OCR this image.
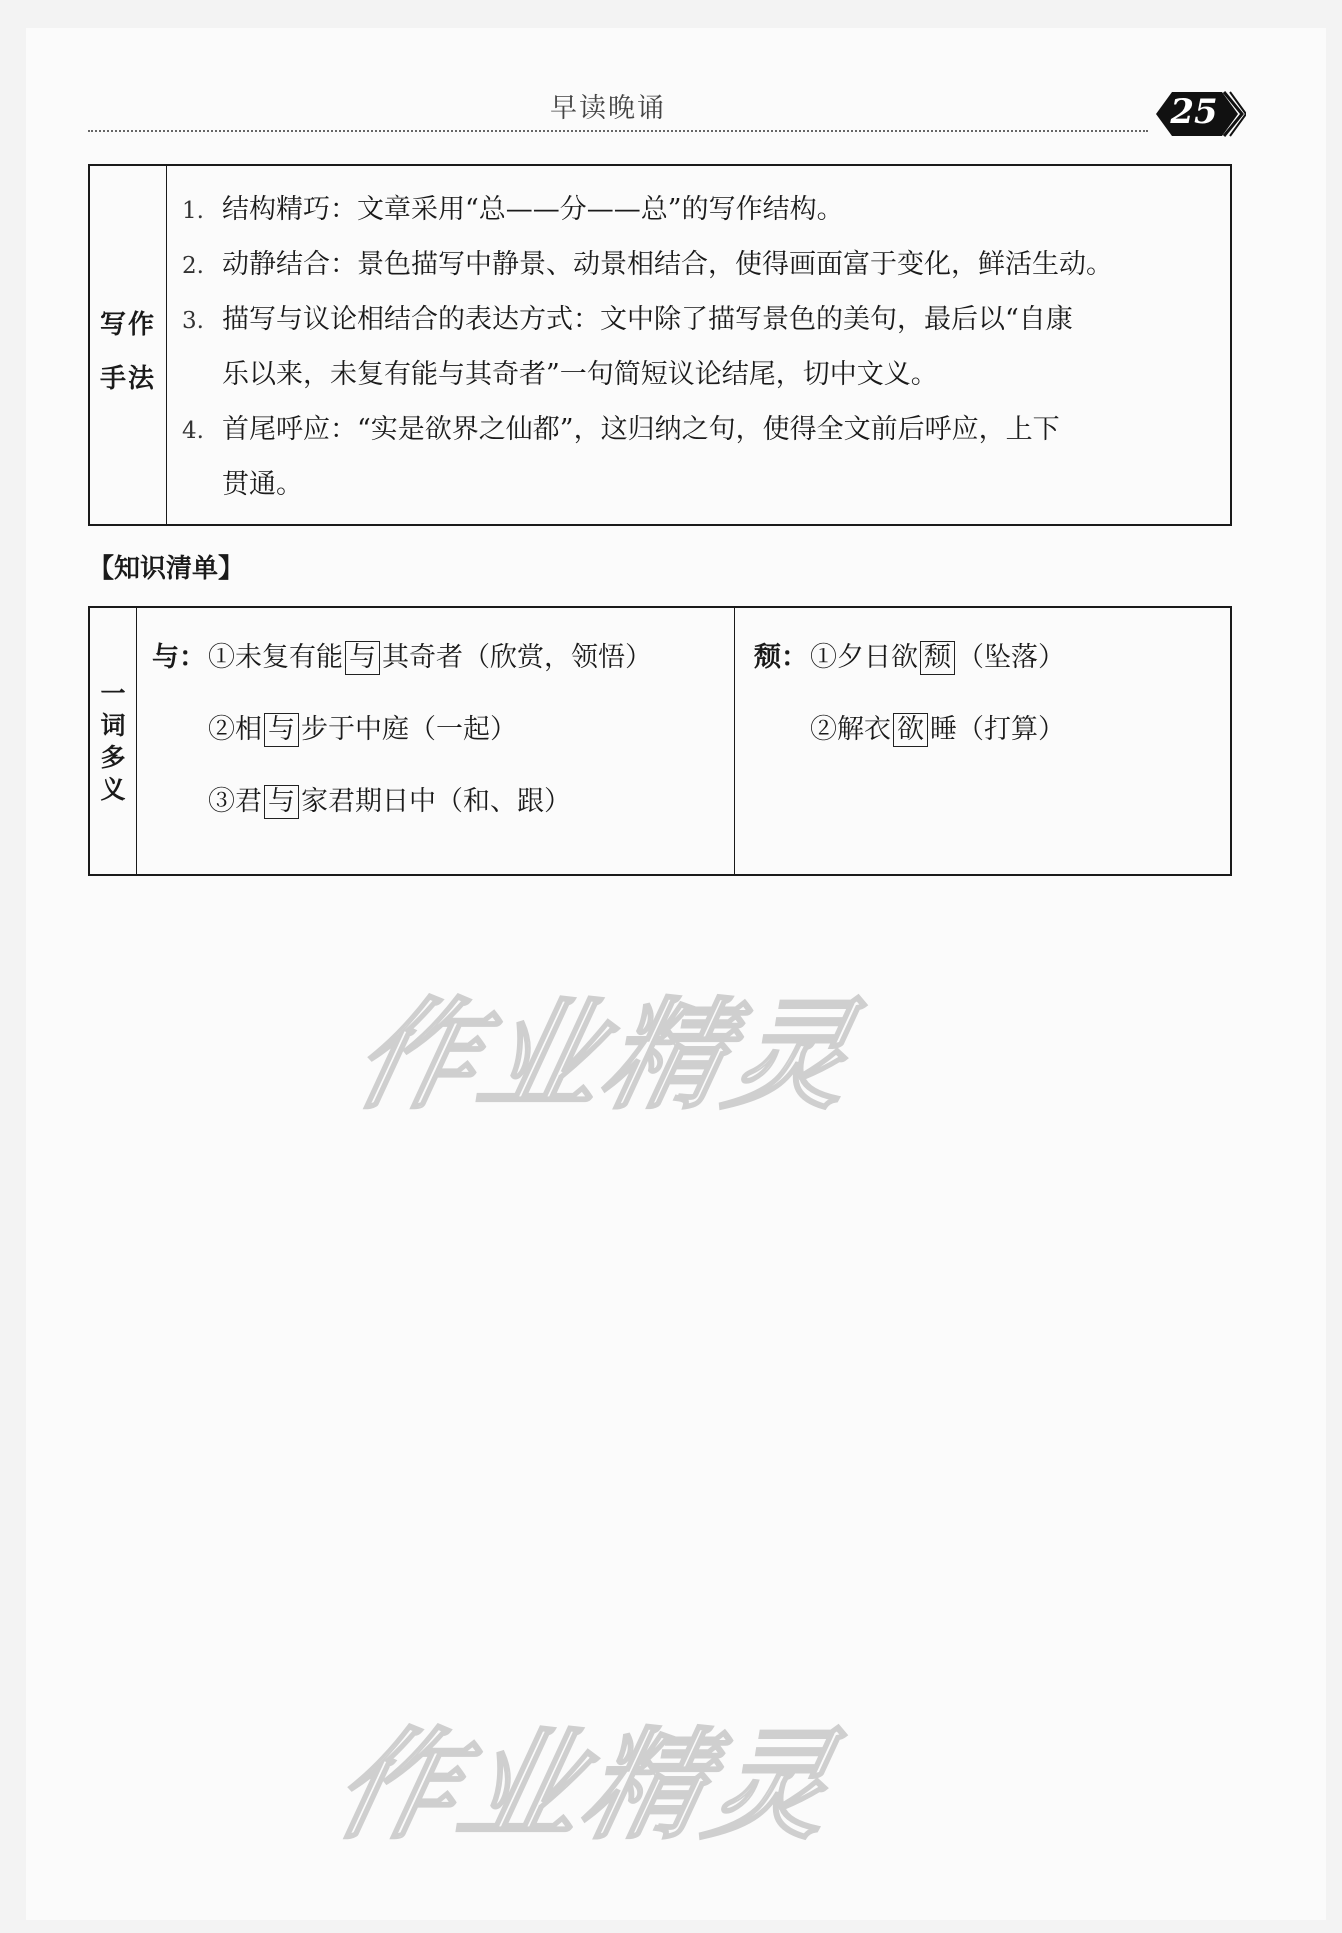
早读晚诵	25
写作
手法
1. 结构精巧：文章采用“总——分——总”的写作结构。
2. 动静结合：景色描写中静景、动景相结合，使得画面富于变化，鲜活生动。
3. 描写与议论相结合的表达方式：文中除了描写景色的美句，最后以“自康
乐以来，未复有能与其奇者”一句简短议论结尾，切中文义。
4. 首尾呼应：“实是欲界之仙都”，这归纳之句，使得全文前后呼应，上下
贯通。
【知识清单】
一
词
多
义
与：①未复有能 与 其奇者（欣赏，领悟）
②相 与 步于中庭（一起）
③君 与 家君期日中（和、跟）
颓：①夕日欲 颓 （坠落）
②解衣 欲 睡（打算）
作业精灵
作业精灵
